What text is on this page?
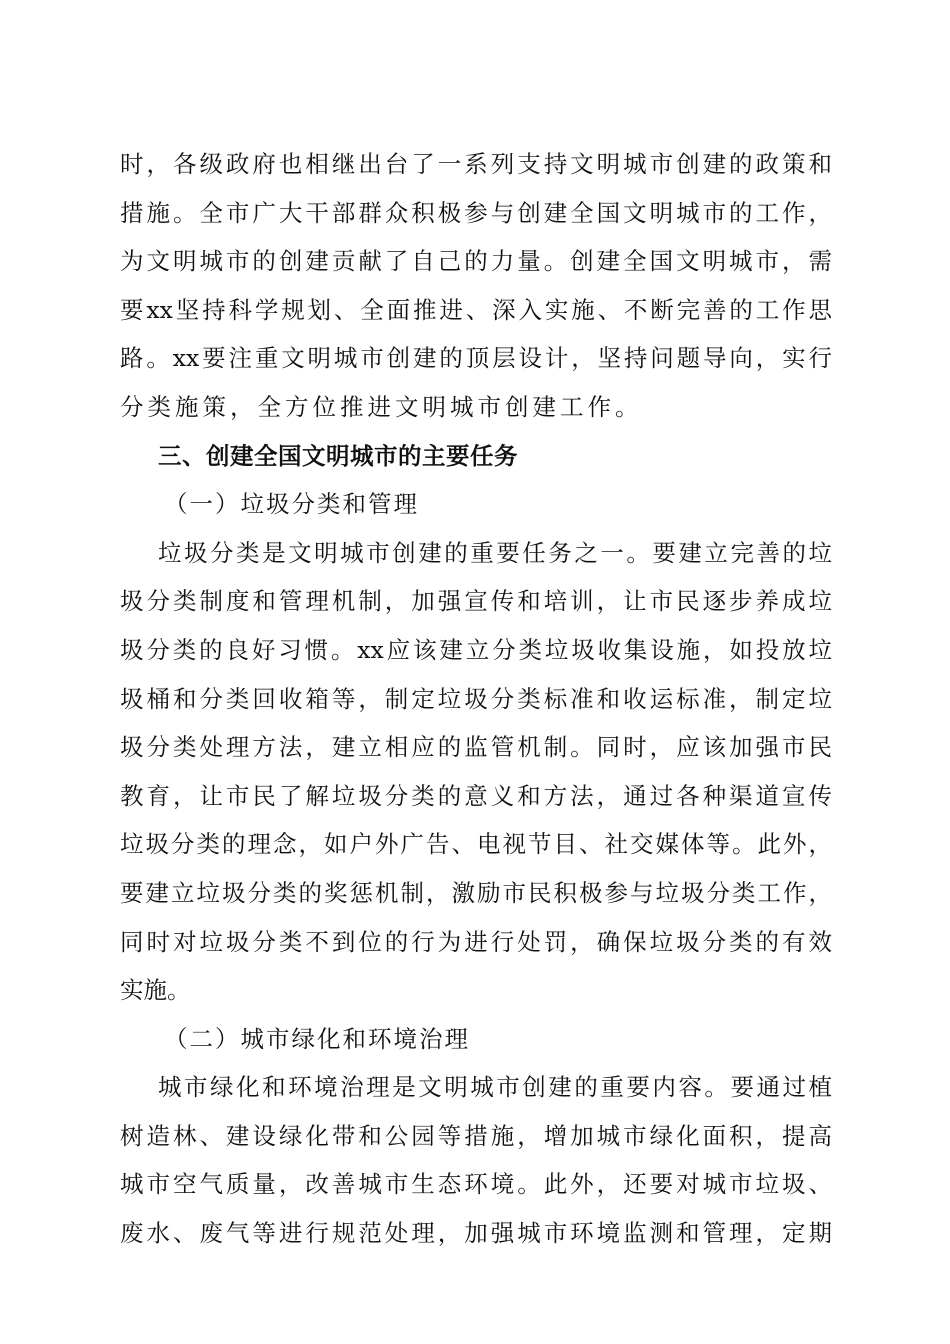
时，各级政府也相继出台了一系列支持文明城市创建的政策和
措施。全市广大干部群众积极参与创建全国文明城市的工作，
为文明城市的创建贡献了自己的力量。创建全国文明城市，需
要xx坚持科学规划、全面推进、深入实施、不断完善的工作思
路。xx要注重文明城市创建的顶层设计，坚持问题导向，实行
分类施策，全方位推进文明城市创建工作。
三、创建全国文明城市的主要任务
（一）垃圾分类和管理
垃圾分类是文明城市创建的重要任务之一。要建立完善的垃
圾分类制度和管理机制，加强宣传和培训，让市民逐步养成垃
圾分类的良好习惯。xx应该建立分类垃圾收集设施，如投放垃
圾桶和分类回收箱等，制定垃圾分类标准和收运标准，制定垃
圾分类处理方法，建立相应的监管机制。同时，应该加强市民
教育，让市民了解垃圾分类的意义和方法，通过各种渠道宣传
垃圾分类的理念，如户外广告、电视节目、社交媒体等。此外，
要建立垃圾分类的奖惩机制，激励市民积极参与垃圾分类工作，
同时对垃圾分类不到位的行为进行处罚，确保垃圾分类的有效
实施。
（二）城市绿化和环境治理
城市绿化和环境治理是文明城市创建的重要内容。要通过植
树造林、建设绿化带和公园等措施，增加城市绿化面积，提高
城市空气质量，改善城市生态环境。此外，还要对城市垃圾、
废水、废气等进行规范处理，加强城市环境监测和管理，定期
